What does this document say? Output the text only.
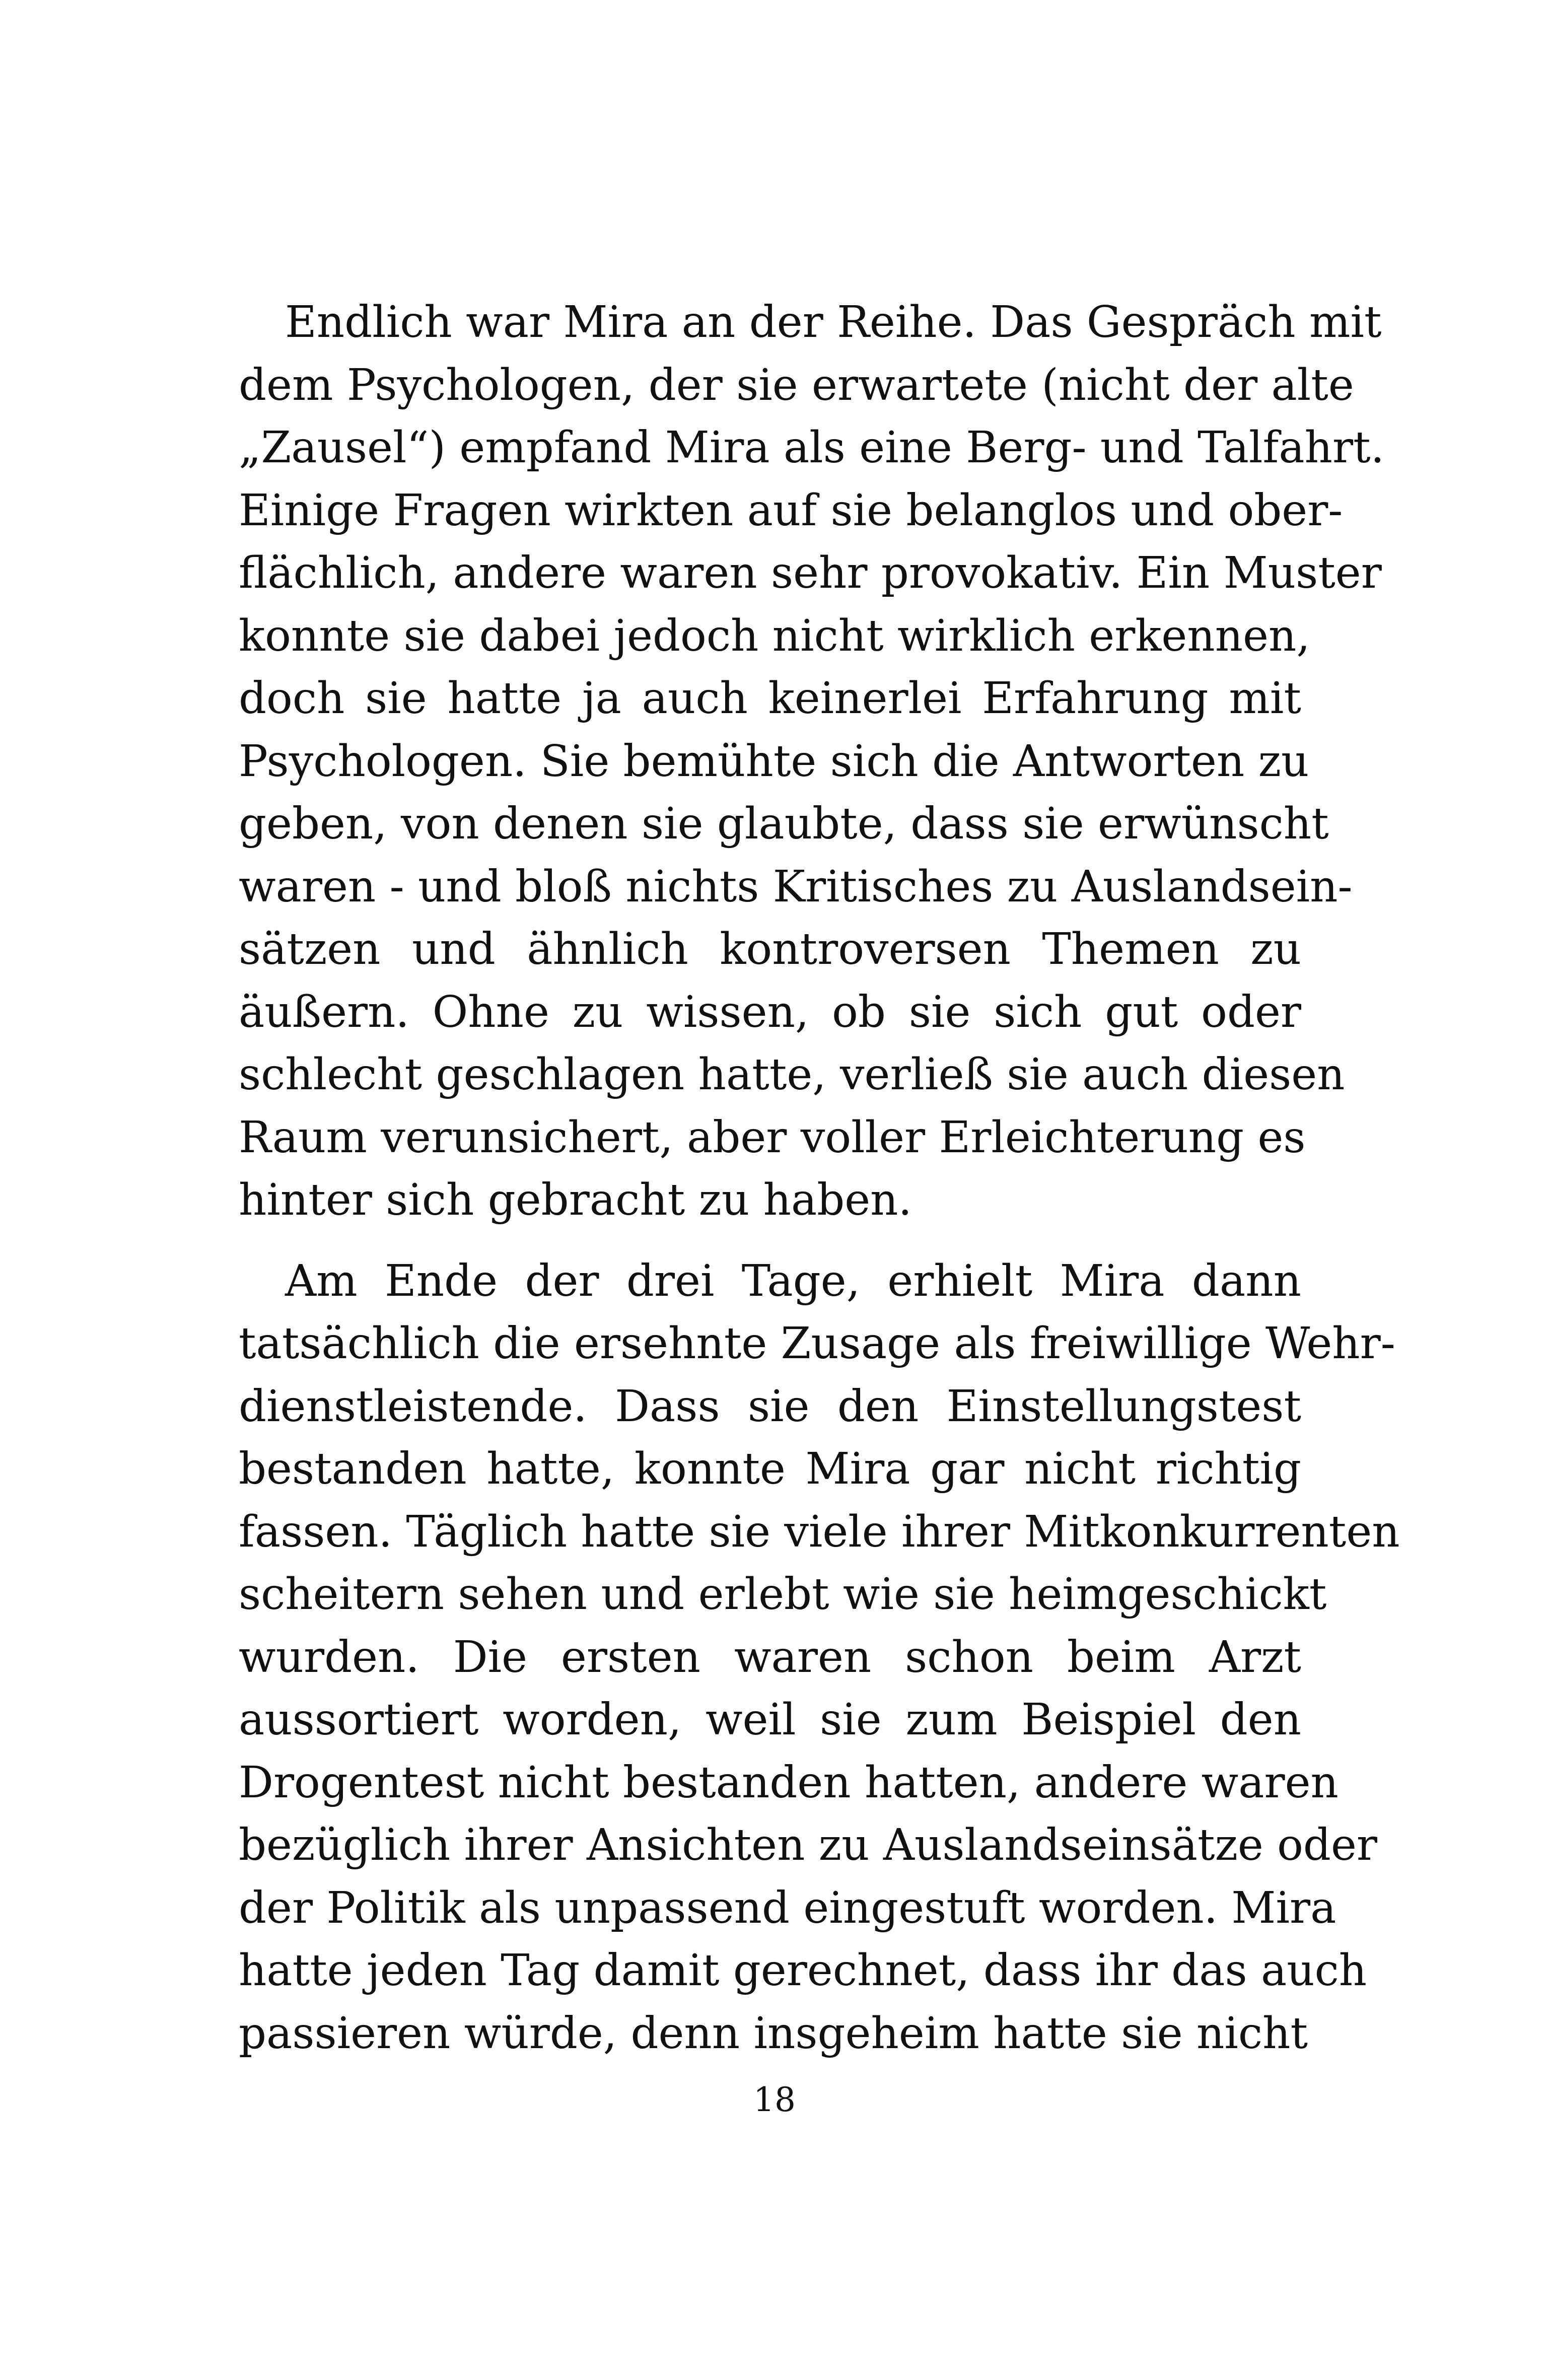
Endlich war Mira an der Reihe. Das Gespräch mit
dem Psychologen, der sie erwartete (nicht der alte
„Zausel“) empfand Mira als eine Berg- und Talfahrt.
Einige Fragen wirkten auf sie belanglos und ober-
flächlich, andere waren sehr provokativ. Ein Muster
konnte sie dabei jedoch nicht wirklich erkennen,
doch sie hatte ja auch keinerlei Erfahrung mit
Psychologen. Sie bemühte sich die Antworten zu
geben, von denen sie glaubte, dass sie erwünscht
waren - und bloß nichts Kritisches zu Auslandsein-
sätzen und ähnlich kontroversen Themen zu
äußern. Ohne zu wissen, ob sie sich gut oder
schlecht geschlagen hatte, verließ sie auch diesen
Raum verunsichert, aber voller Erleichterung es
hinter sich gebracht zu haben.

Am Ende der drei Tage, erhielt Mira dann
tatsächlich die ersehnte Zusage als freiwillige Wehr-
dienstleistende. Dass sie den Einstellungstest
bestanden hatte, konnte Mira gar nicht richtig
fassen. Täglich hatte sie viele ihrer Mitkonkurrenten
scheitern sehen und erlebt wie sie heimgeschickt
wurden. Die ersten waren schon beim Arzt
aussortiert worden, weil sie zum Beispiel den
Drogentest nicht bestanden hatten, andere waren
bezüglich ihrer Ansichten zu Auslandseinsätze oder
der Politik als unpassend eingestuft worden. Mira
hatte jeden Tag damit gerechnet, dass ihr das auch
passieren würde, denn insgeheim hatte sie nicht

18
